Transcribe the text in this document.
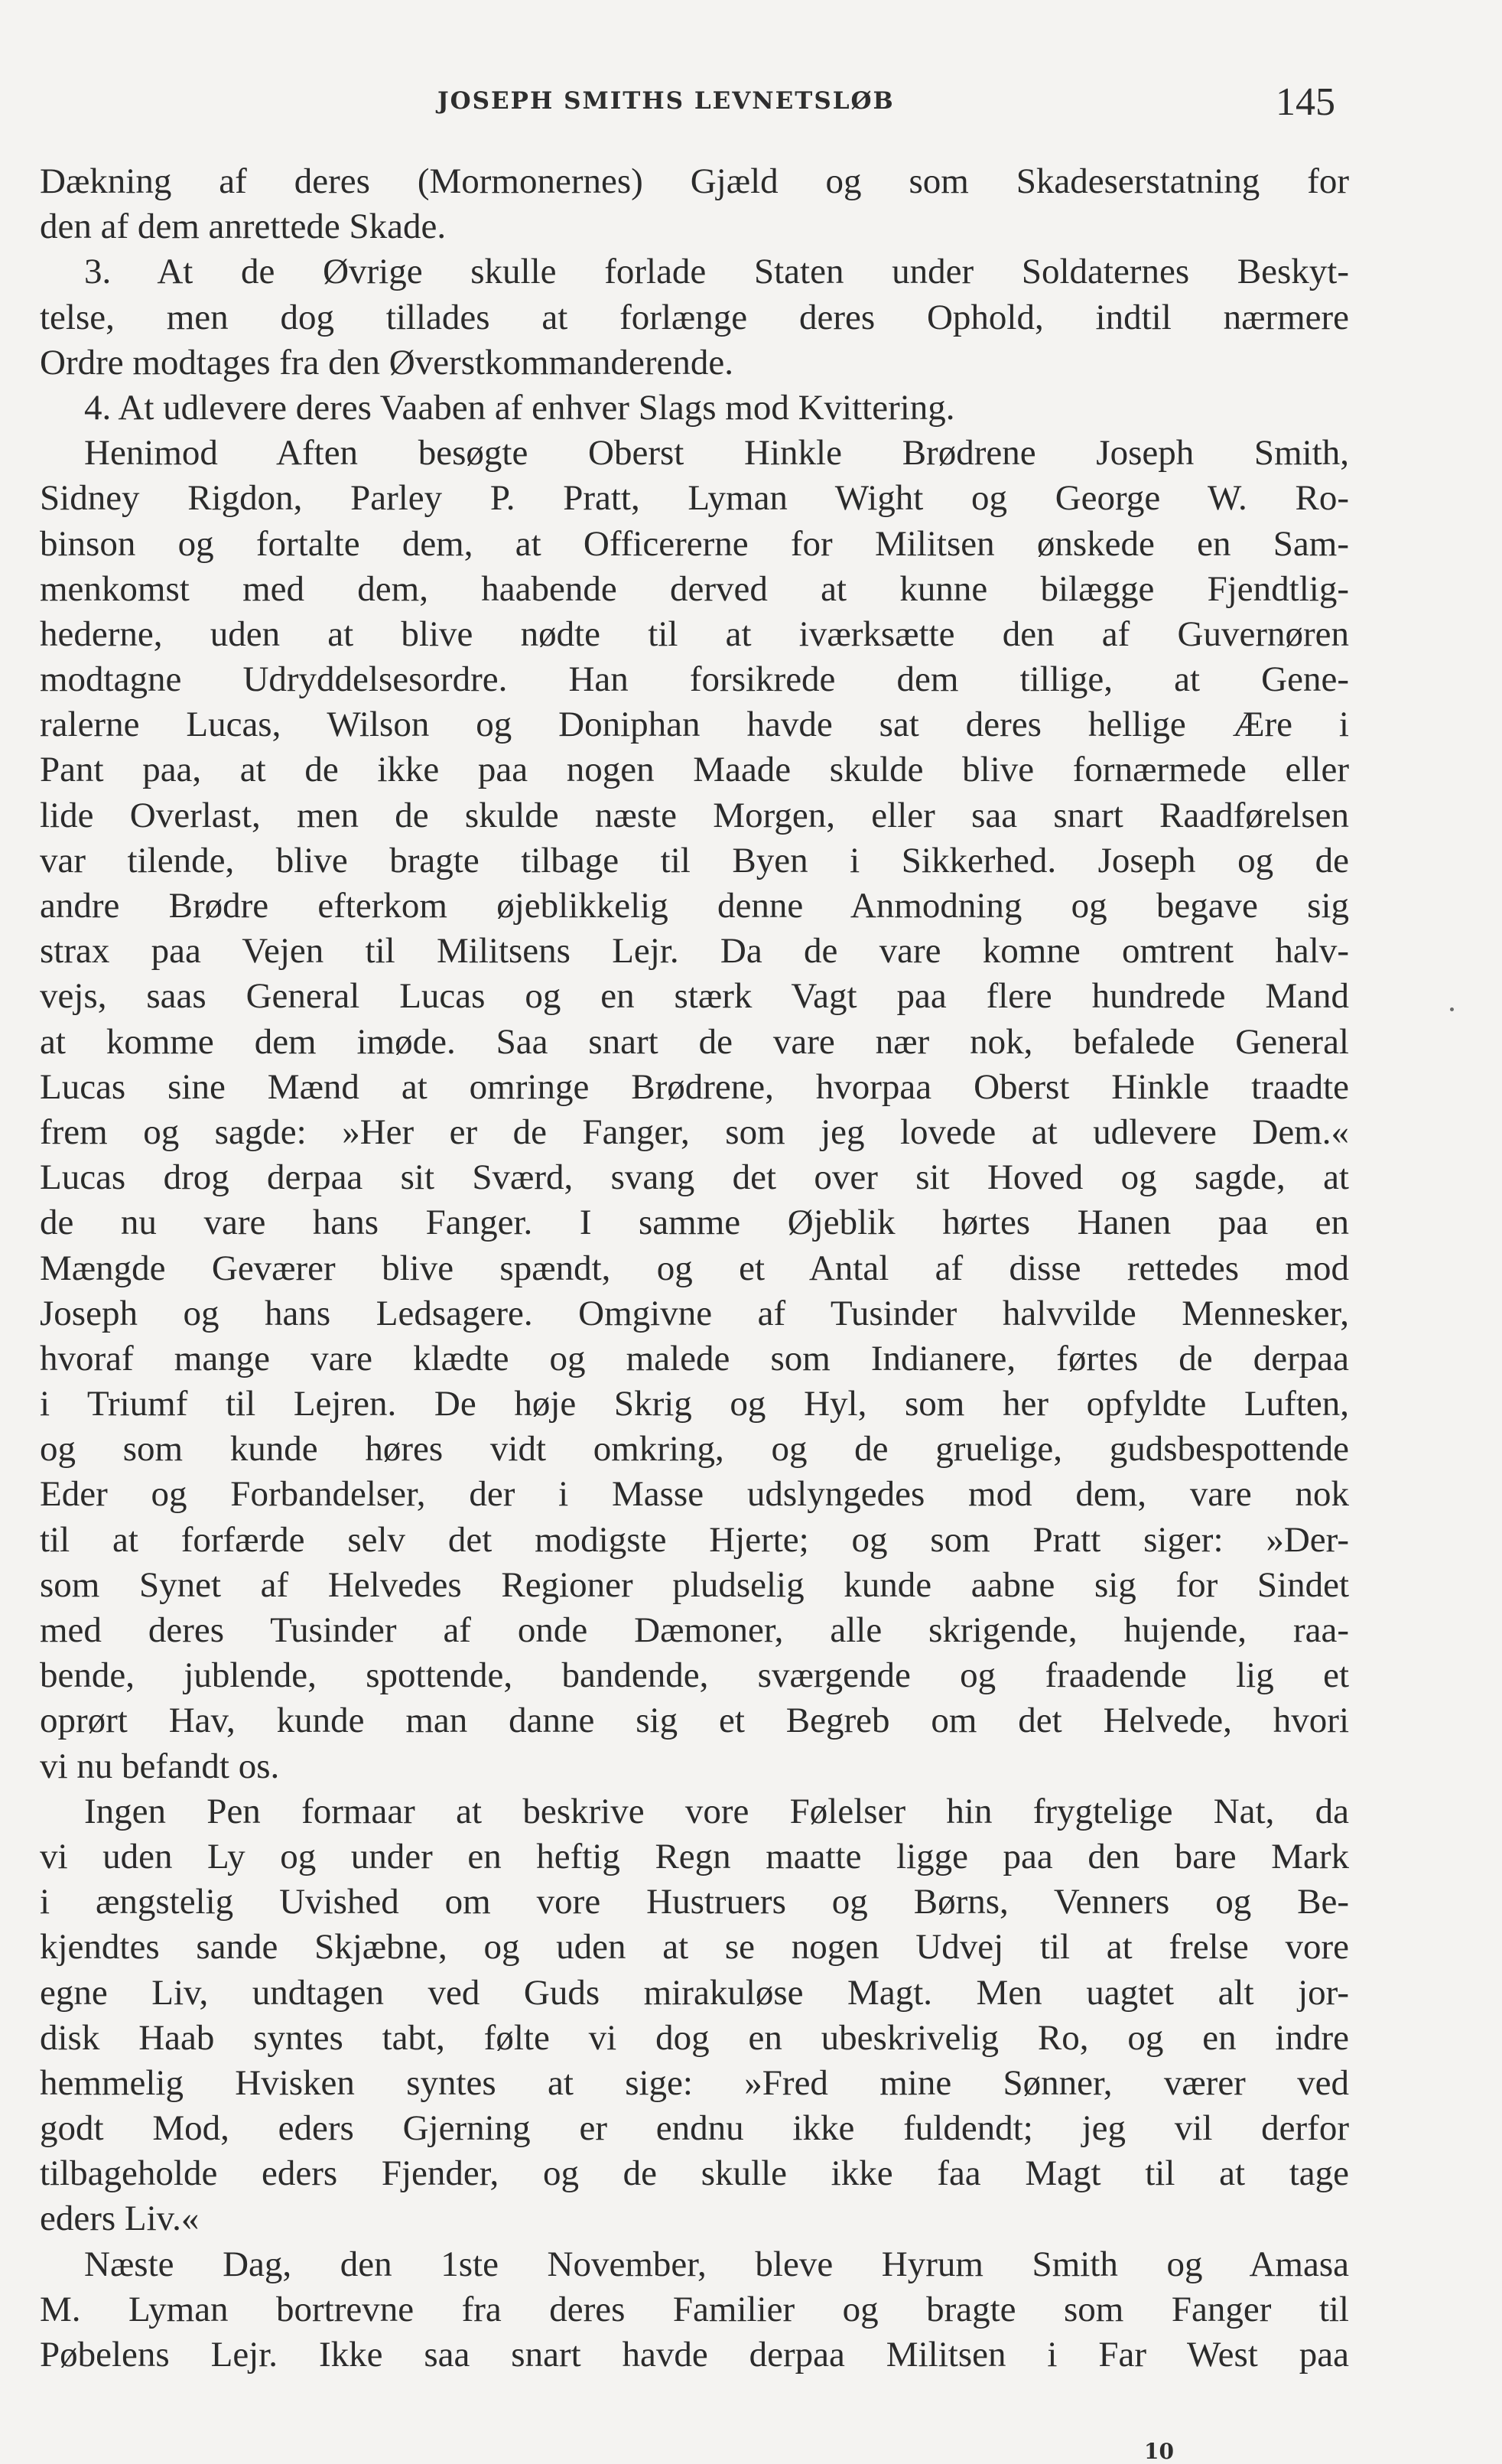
JOSEPH SMITHS LEVNETSLØB	145
Dækning af deres (Mormonernes) Gjæld og som Skadeserstatning for
den af dem anrettede Skade.
3. At de Øvrige skulle forlade Staten under Soldaternes Beskyt-
telse, men dog tillades at forlænge deres Ophold, indtil nærmere
Ordre modtages fra den Øverstkommanderende.
4. At udlevere deres Vaaben af enhver Slags mod Kvittering.
Henimod Aften besøgte Oberst Hinkle Brødrene Joseph Smith,
Sidney Rigdon, Parley P. Pratt, Lyman Wight og George W. Ro-
binson og fortalte dem, at Officererne for Militsen ønskede en Sam-
menkomst med dem, haabende derved at kunne bilægge Fjendtlig-
hederne, uden at blive nødte til at iværksætte den af Guvernøren
modtagne Udryddelsesordre. Han forsikrede dem tillige, at Gene-
ralerne Lucas, Wilson og Doniphan havde sat deres hellige Ære i
Pant paa, at de ikke paa nogen Maade skulde blive fornærmede eller
lide Overlast, men de skulde næste Morgen, eller saa snart Raadførelsen
var tilende, blive bragte tilbage til Byen i Sikkerhed. Joseph og de
andre Brødre efterkom øjeblikkelig denne Anmodning og begave sig
strax paa Vejen til Militsens Lejr. Da de vare komne omtrent halv-
vejs, saas General Lucas og en stærk Vagt paa flere hundrede Mand
at komme dem imøde. Saa snart de vare nær nok, befalede General
Lucas sine Mænd at omringe Brødrene, hvorpaa Oberst Hinkle traadte
frem og sagde: »Her er de Fanger, som jeg lovede at udlevere Dem.«
Lucas drog derpaa sit Sværd, svang det over sit Hoved og sagde, at
de nu vare hans Fanger. I samme Øjeblik hørtes Hanen paa en
Mængde Geværer blive spændt, og et Antal af disse rettedes mod
Joseph og hans Ledsagere. Omgivne af Tusinder halvvilde Mennesker,
hvoraf mange vare klædte og malede som Indianere, førtes de derpaa
i Triumf til Lejren. De høje Skrig og Hyl, som her opfyldte Luften,
og som kunde høres vidt omkring, og de gruelige, gudsbespottende
Eder og Forbandelser, der i Masse udslyngedes mod dem, vare nok
til at forfærde selv det modigste Hjerte; og som Pratt siger: »Der-
som Synet af Helvedes Regioner pludselig kunde aabne sig for Sindet
med deres Tusinder af onde Dæmoner, alle skrigende, hujende, raa-
bende, jublende, spottende, bandende, sværgende og fraadende lig et
oprørt Hav, kunde man danne sig et Begreb om det Helvede, hvori
vi nu befandt os.
Ingen Pen formaar at beskrive vore Følelser hin frygtelige Nat, da
vi uden Ly og under en heftig Regn maatte ligge paa den bare Mark
i ængstelig Uvished om vore Hustruers og Børns, Venners og Be-
kjendtes sande Skjæbne, og uden at se nogen Udvej til at frelse vore
egne Liv, undtagen ved Guds mirakuløse Magt. Men uagtet alt jor-
disk Haab syntes tabt, følte vi dog en ubeskrivelig Ro, og en indre
hemmelig Hvisken syntes at sige: »Fred mine Sønner, værer ved
godt Mod, eders Gjerning er endnu ikke fuldendt; jeg vil derfor
tilbageholde eders Fjender, og de skulle ikke faa Magt til at tage
eders Liv.«
Næste Dag, den 1ste November, bleve Hyrum Smith og Amasa
M. Lyman bortrevne fra deres Familier og bragte som Fanger til
Pøbelens Lejr. Ikke saa snart havde derpaa Militsen i Far West paa
10
